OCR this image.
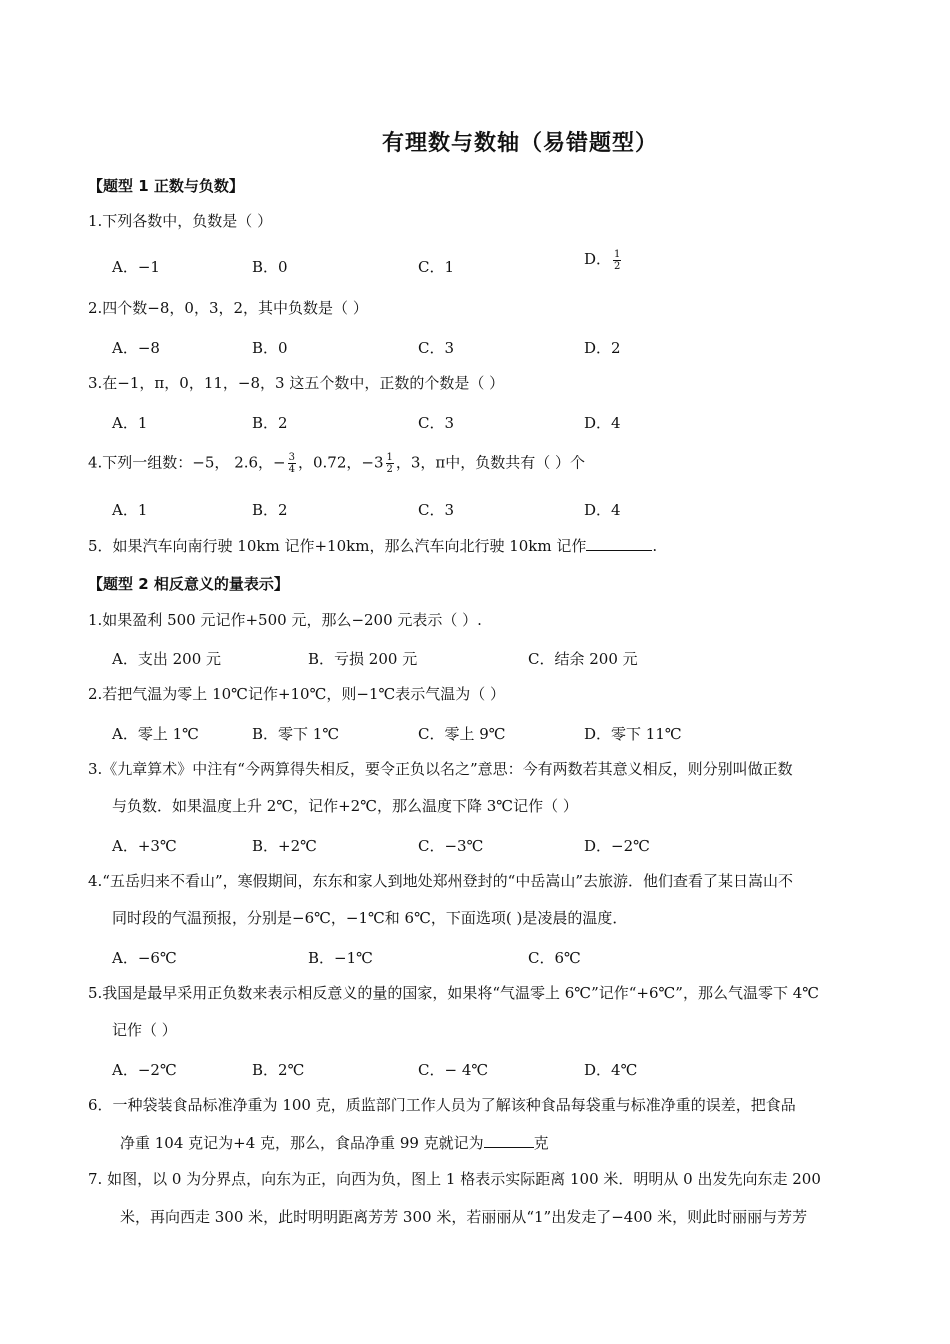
有理数与数轴（易错题型）
【题型 1 正数与负数】
1.下列各数中，负数是（ ）
A．−1	B．0	C．1	D． $\frac{1}{2}$
2.四个数−8，0，3，2，其中负数是（ ）
A．−8	B．0	C．3	D．2
3.在−1，π，0，11，−8，3 这五个数中，正数的个数是（ ）
A．1	B．2	C．3	D．4
4.下列一组数：−5， 2.6，− $\frac{3}{4}$ ，0.72，$-3 \frac{1}{2}$ ，3，π中，负数共有（ ）个
A．1	B．2	C．3	D．4
5．如果汽车向南行驶 10km 记作+10km，那么汽车向北行驶 10km 记作	.
【题型 2 相反意义的量表示】
1.如果盈利 500 元记作+500 元，那么−200 元表示（ ）.
A．支出 200 元	B．亏损 200 元	C．结余 200 元
2.若把气温为零上 10℃记作+10℃，则−1℃表示气温为（ ）
A．零上 1℃	B．零下 1℃	C．零上 9℃	D．零下 11℃
3.《九章算术》中注有“今两算得失相反，要令正负以名之”意思：今有两数若其意义相反，则分别叫做正数
与负数．如果温度上升 2℃，记作+2℃，那么温度下降 3℃记作（ ）
A．+3℃	B．+2℃	C．−3℃	D．−2℃
4.“五岳归来不看山”，寒假期间，东东和家人到地处郑州登封的“中岳嵩山”去旅游．他们查看了某日嵩山不
同时段的气温预报，分别是−6℃，−1℃和 6℃，下面选项( )是凌晨的温度．
A．−6℃	B．−1℃	C．6℃
5.我国是最早采用正负数来表示相反意义的量的国家，如果将“气温零上 6℃”记作“+6℃”，那么气温零下 4℃
记作（ ）
A．−2℃	B．2℃	C．− 4℃	D．4℃
6．一种袋装食品标准净重为 100 克，质监部门工作人员为了解该种食品每袋重与标准净重的误差，把食品
净重 104 克记为+4 克，那么，食品净重 99 克就记为	克
7. 如图，以 0 为分界点，向东为正，向西为负，图上 1 格表示实际距离 100 米．明明从 0 出发先向东走 200
米，再向西走 300 米，此时明明距离芳芳 300 米，若丽丽从“1”出发走了−400 米，则此时丽丽与芳芳
